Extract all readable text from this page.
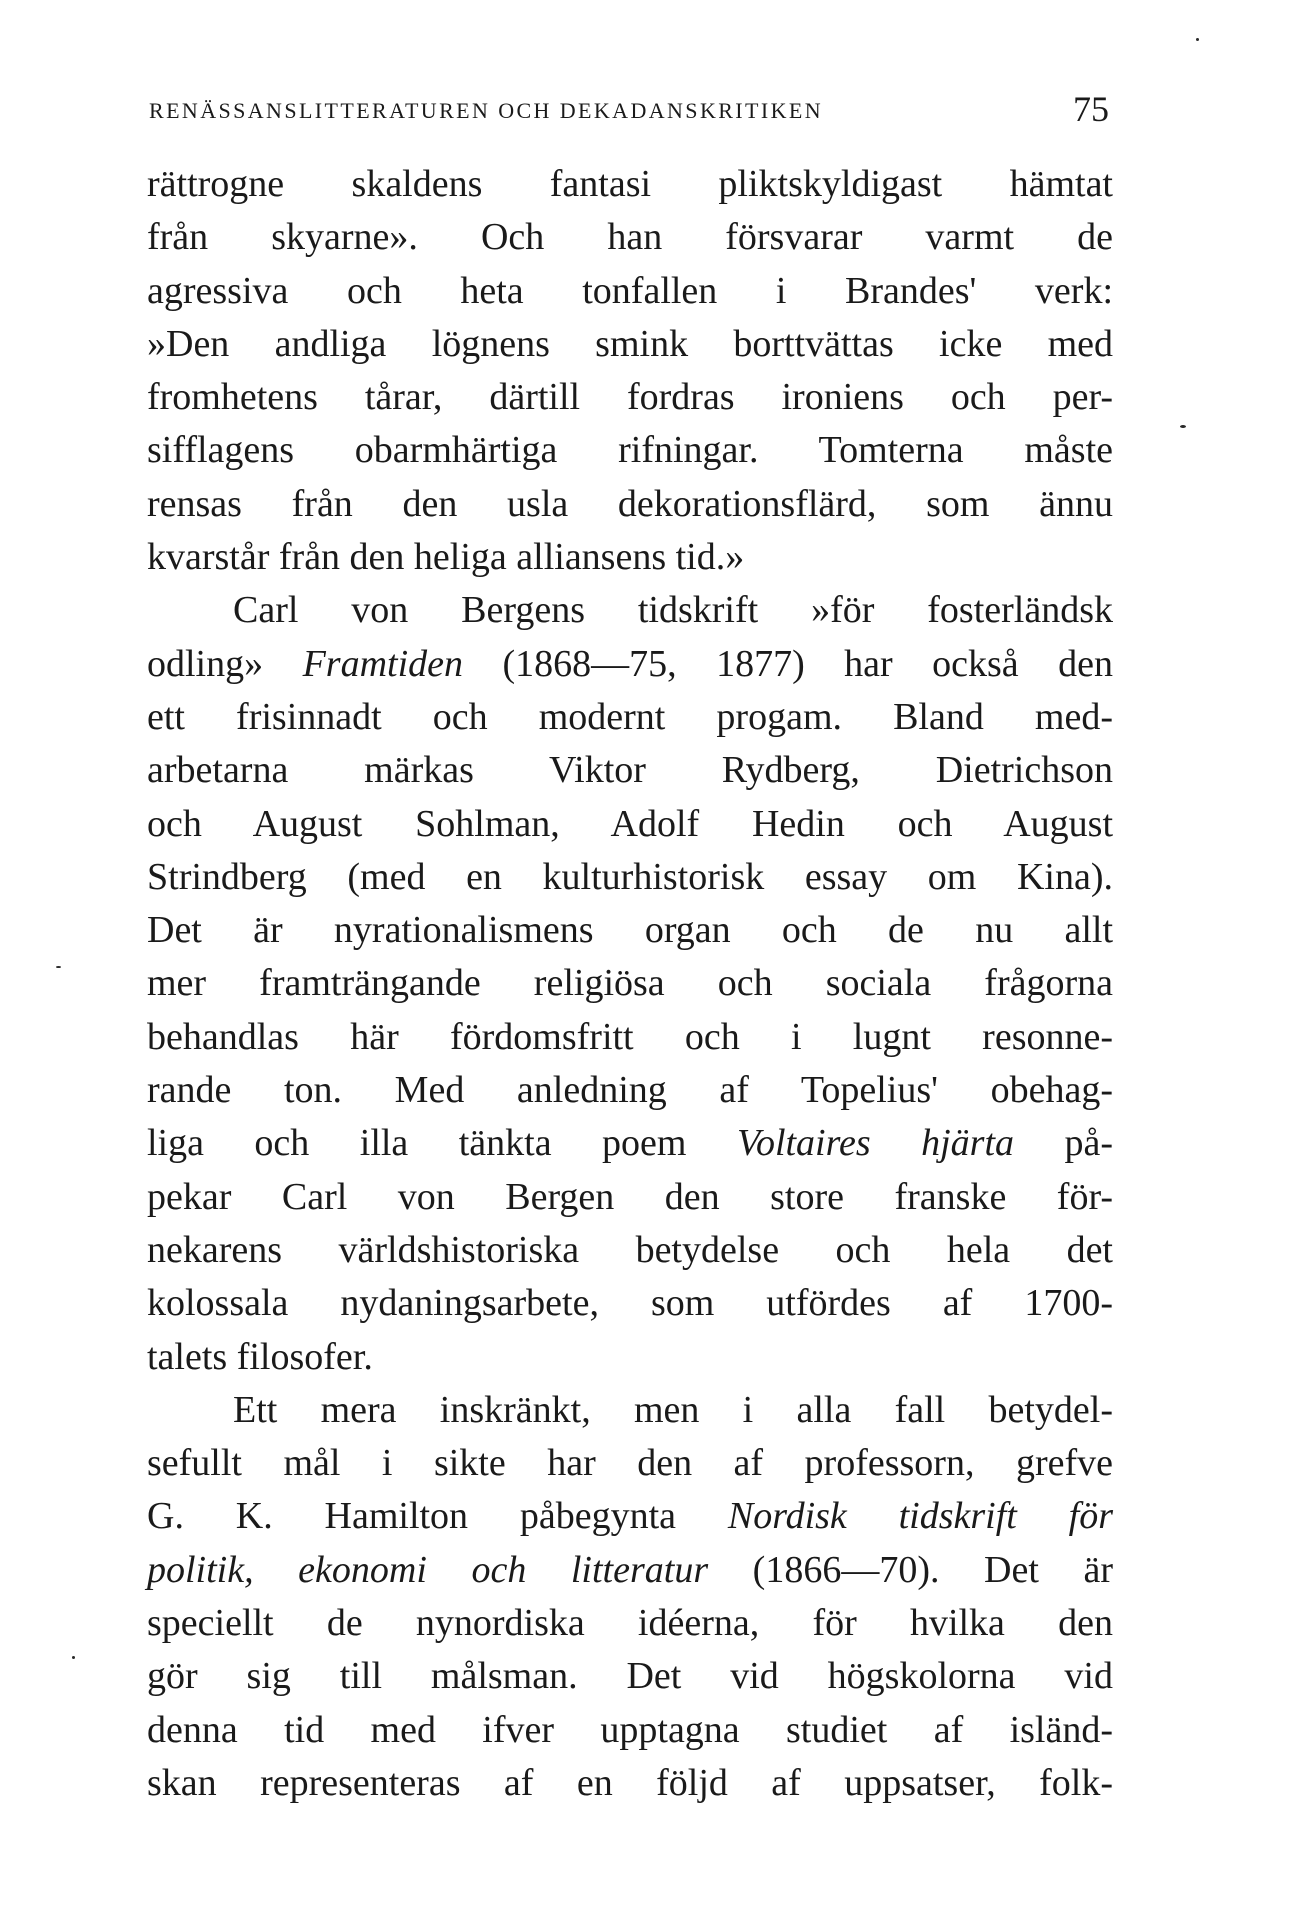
RENÄSSANSLITTERATUREN OCH DEKADANSKRITIKEN	75
rättrogne skaldens fantasi pliktskyldigast hämtat
från skyarne». Och han försvarar varmt de
agressiva och heta tonfallen i Brandes' verk:
»Den andliga lögnens smink borttvättas icke med
fromhetens tårar, därtill fordras ironiens och per-
sifflagens obarmhärtiga rifningar. Tomterna måste
rensas från den usla dekorationsflärd, som ännu
kvarstår från den heliga alliansens tid.»
Carl von Bergens tidskrift »för fosterländsk
odling» Framtiden (1868—75, 1877) har också den
ett frisinnadt och modernt progam. Bland med-
arbetarna märkas Viktor Rydberg, Dietrichson
och August Sohlman, Adolf Hedin och August
Strindberg (med en kulturhistorisk essay om Kina).
Det är nyrationalismens organ och de nu allt
mer framträngande religiösa och sociala frågorna
behandlas här fördomsfritt och i lugnt resonne-
rande ton. Med anledning af Topelius' obehag-
liga och illa tänkta poem Voltaires hjärta på-
pekar Carl von Bergen den store franske för-
nekarens världshistoriska betydelse och hela det
kolossala nydaningsarbete, som utfördes af 1700-
talets filosofer.
Ett mera inskränkt, men i alla fall betydel-
sefullt mål i sikte har den af professorn, grefve
G. K. Hamilton påbegynta Nordisk tidskrift för
politik, ekonomi och litteratur (1866—70). Det är
speciellt de nynordiska idéerna, för hvilka den
gör sig till målsman. Det vid högskolorna vid
denna tid med ifver upptagna studiet af isländ-
skan representeras af en följd af uppsatser, folk-
